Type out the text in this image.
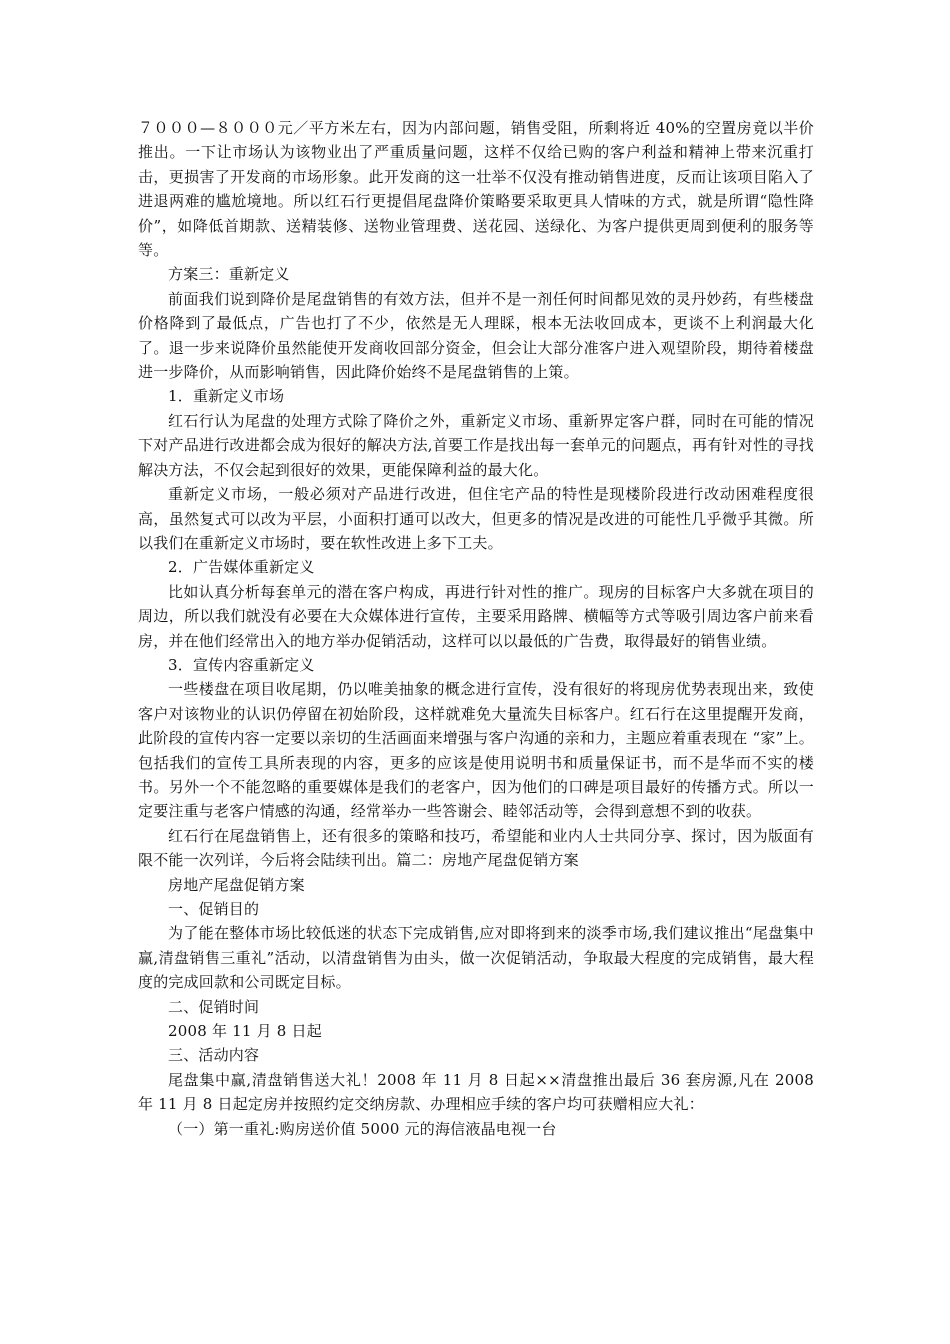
７０００—８０００元／平方米左右，因为内部问题，销售受阻，所剩将近 40%的空置房竟以半价推出。一下让市场认为该物业出了严重质量问题，这样不仅给已购的客户利益和精神上带来沉重打击，更损害了开发商的市场形象。此开发商的这一壮举不仅没有推动销售进度，反而让该项目陷入了进退两难的尴尬境地。所以红石行更提倡尾盘降价策略要采取更具人情味的方式，就是所谓“隐性降价”，如降低首期款、送精装修、送物业管理费、送花园、送绿化、为客户提供更周到便利的服务等等。

方案三：重新定义

前面我们说到降价是尾盘销售的有效方法，但并不是一剂任何时间都见效的灵丹妙药，有些楼盘价格降到了最低点，广告也打了不少，依然是无人理睬，根本无法收回成本，更谈不上利润最大化了。退一步来说降价虽然能使开发商收回部分资金，但会让大部分准客户进入观望阶段，期待着楼盘进一步降价，从而影响销售，因此降价始终不是尾盘销售的上策。

1．重新定义市场

红石行认为尾盘的处理方式除了降价之外，重新定义市场、重新界定客户群，同时在可能的情况下对产品进行改进都会成为很好的解决方法,首要工作是找出每一套单元的问题点，再有针对性的寻找解决方法，不仅会起到很好的效果，更能保障利益的最大化。

重新定义市场，一般必须对产品进行改进，但住宅产品的特性是现楼阶段进行改动困难程度很高，虽然复式可以改为平层，小面积打通可以改大，但更多的情况是改进的可能性几乎微乎其微。所以我们在重新定义市场时，要在软性改进上多下工夫。

2．广告媒体重新定义

比如认真分析每套单元的潜在客户构成，再进行针对性的推广。现房的目标客户大多就在项目的周边，所以我们就没有必要在大众媒体进行宣传，主要采用路牌、横幅等方式等吸引周边客户前来看房，并在他们经常出入的地方举办促销活动，这样可以以最低的广告费，取得最好的销售业绩。

3．宣传内容重新定义

一些楼盘在项目收尾期，仍以唯美抽象的概念进行宣传，没有很好的将现房优势表现出来，致使客户对该物业的认识仍停留在初始阶段，这样就难免大量流失目标客户。红石行在这里提醒开发商，此阶段的宣传内容一定要以亲切的生活画面来增强与客户沟通的亲和力，主题应着重表现在 “家”上。包括我们的宣传工具所表现的内容，更多的应该是使用说明书和质量保证书，而不是华而不实的楼书。另外一个不能忽略的重要媒体是我们的老客户，因为他们的口碑是项目最好的传播方式。所以一定要注重与老客户情感的沟通，经常举办一些答谢会、睦邻活动等，会得到意想不到的收获。

红石行在尾盘销售上，还有很多的策略和技巧，希望能和业内人士共同分享、探讨，因为版面有限不能一次列详，今后将会陆续刊出。篇二：房地产尾盘促销方案

房地产尾盘促销方案

一、促销目的

为了能在整体市场比较低迷的状态下完成销售,应对即将到来的淡季市场,我们建议推出“尾盘集中赢,清盘销售三重礼”活动，以清盘销售为由头，做一次促销活动，争取最大程度的完成销售，最大程度的完成回款和公司既定目标。

二、促销时间

2008 年 11 月 8 日起

三、活动内容

尾盘集中赢,清盘销售送大礼！2008 年 11 月 8 日起××清盘推出最后 36 套房源,凡在 2008 年 11 月 8 日起定房并按照约定交纳房款、办理相应手续的客户均可获赠相应大礼：

（一）第一重礼:购房送价值 5000 元的海信液晶电视一台
